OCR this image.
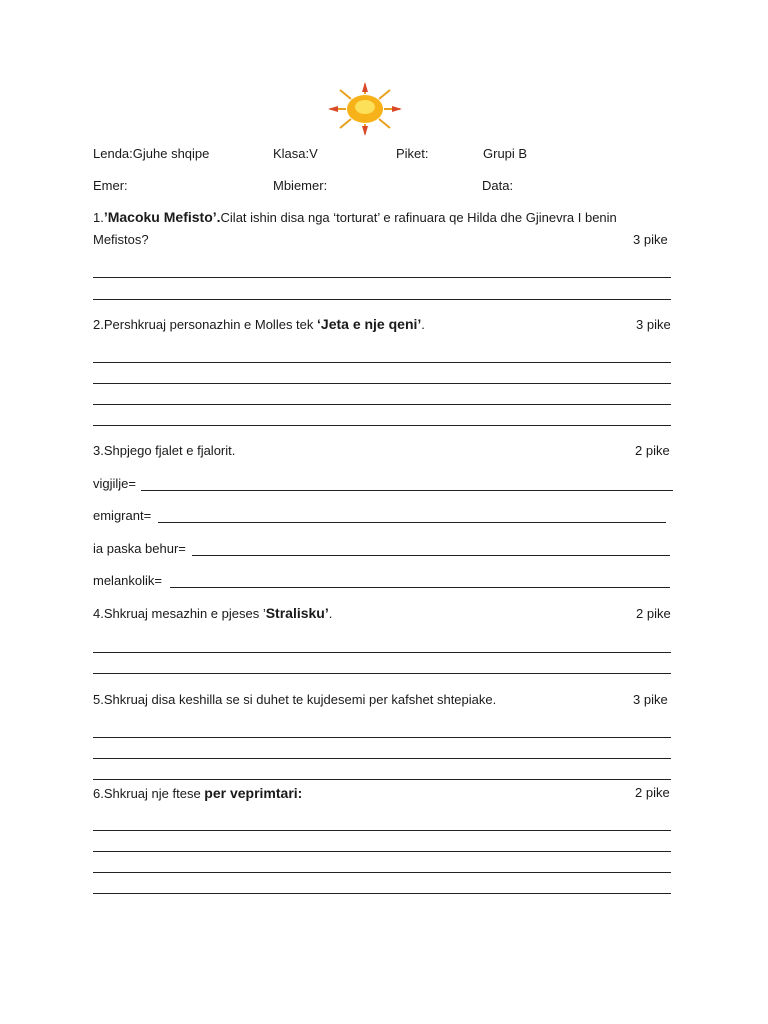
Lenda:Gjuhe shqipe	Klasa:V	Piket:	Grupi B
Emer:	Mbiemer:	Data:
1.’Macoku Mefisto’.Cilat ishin disa nga ‘torturat’ e rafinuara qe Hilda dhe Gjinevra I benin
Mefistos?	3 pike
2.Pershkruaj personazhin e Molles tek ‘Jeta e nje qeni’.	3 pike
3.Shpjego fjalet e fjalorit.	2 pike
vigjilje=
emigrant=
ia paska behur=
melankolik=
4.Shkruaj mesazhin e pjeses ’Stralisku’.	2 pike
5.Shkruaj disa keshilla se si duhet te kujdesemi per kafshet shtepiake.	3 pike
6.Shkruaj nje ftese per veprimtari:	2 pike
